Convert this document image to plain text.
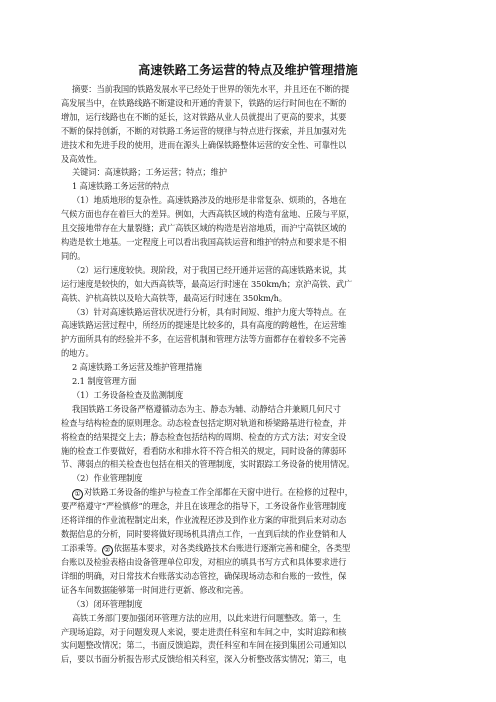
高速铁路工务运营的特点及维护管理措施

摘要：当前我国的铁路发展水平已经处于世界的领先水平，并且还在不断的提

高发展当中，在铁路线路不断建设和开通的背景下，铁路的运行时间也在不断的

增加，运行线路也在不断的延长，这对铁路从业人员就提出了更高的要求，其要

不断的保持创新，不断的对铁路工务运营的规律与特点进行探索，并且加强对先

进技术和先进手段的使用，进而在源头上确保铁路整体运营的安全性、可靠性以

及高效性。

关键词：高速铁路；工务运营；特点；维护

1 高速铁路工务运营的特点

（1）地质地形的复杂性。高速铁路涉及的地形是非常复杂、烦琐的，各地在

气候方面也存在着巨大的差异。例如，大西高铁区域的构造有盆地、丘陵与平原，

且交接地带存在大量裂缝；武广高铁区域的构造是岩溶地质，而沪宁高铁区域的

构造是软土地基。一定程度上可以看出我国高铁运营和维护的特点和要求是不相

同的。

（2）运行速度较快。现阶段，对于我国已经开通并运营的高速铁路来说，其

运行速度是较快的，如大西高铁等，最高运行时速在 350km/h；京沪高铁、武广

高铁、沪杭高铁以及哈大高铁等，最高运行时速在 350km/h。

（3）针对高速铁路运营状况进行分析，具有时间短、维护力度大等特点。在

高速铁路运营过程中，所经历的提速是比较多的，具有高度的跨越性，在运营维

护方面所具有的经验并不多，在运营机制和管理方法等方面都存在着较多不完善

的地方。

2 高速铁路工务运营及维护管理措施

2.1 制度管理方面

（1）工务设备检查及监测制度

我国铁路工务设备严格遵循动态为主、静态为辅、动静结合并兼顾几何尺寸

检查与结构检查的原则理念。动态检查包括定期对轨道和桥梁路基进行检查，并

将检查的结果提交上去；静态检查包括结构的周期、检查的方式方法；对安全设

施的检查工作要做好，看看防水和排水符不符合相关的规定，同时设备的薄弱环

节、薄弱点的相关检查也包括在相关的管理制度，实时跟踪工务设备的使用情况。

（2）作业管理制度

① 对铁路工务设备的维护与检查工作全部都在天窗中进行。在检修的过程中，

要严格遵守“严检慎修”的理念，并且在该理念的指导下，工务设备作业管理制度

还将详细的作业流程制定出来，作业流程还涉及到作业方案的审批到后来对动态

数据信息的分析，同时要将做好现场机具清点工作，一直到后续的作业登销和人

工添乘等。 ② 依据基本要求，对各类线路技术台账进行逐渐完善和健全，各类型

台账以及检验表格由设备管理单位印发，对相应的填具书写方式和具体要求进行

详细的明确，对日常技术台账落实动态管控，确保现场动态和台账的一致性，保

证各车间数据能够第一时间进行更新、修改和完善。

（3）闭环管理制度

高铁工务部门要加强闭环管理方法的应用，以此来进行问题整改。第一，生

产现场追踪，对于问题发现人来说，要走进责任科室和车间之中，实时追踪和核

实问题整改情况；第二，书面反馈追踪，责任科室和车间在接到集团公司通知以

后，要以书面分析报告形式反馈给相关科室，深入分析整改落实情况；第三，电
